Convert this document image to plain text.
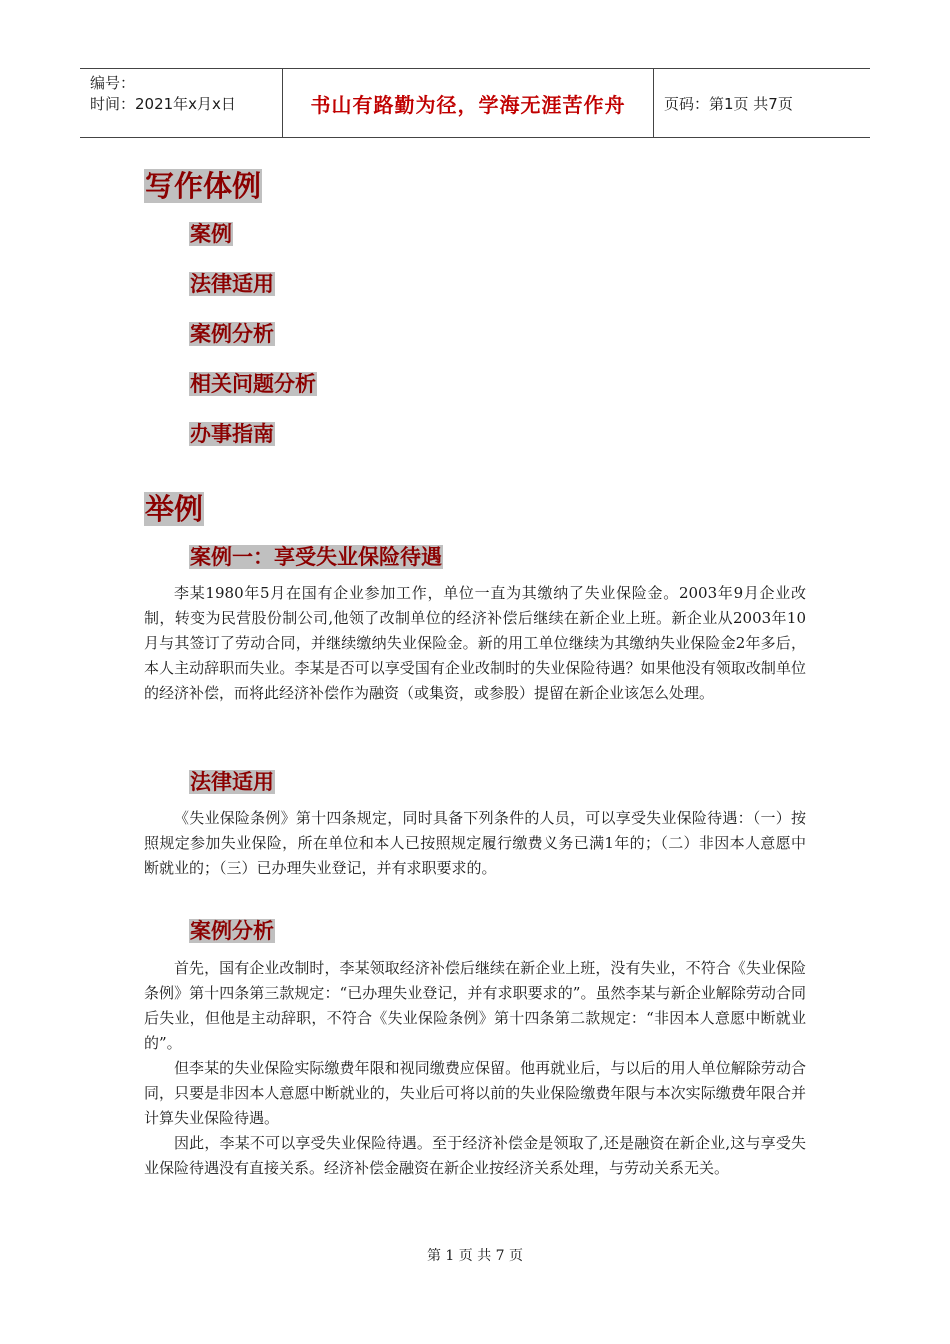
编号：
时间：2021年x月x日	书山有路勤为径，学海无涯苦作舟	页码：第1页 共7页
写作体例
案例
法律适用
案例分析
相关问题分析
办事指南
举例
案例一：享受失业保险待遇

李某1980年5月在国有企业参加工作，单位一直为其缴纳了失业保险金。2003年9月企业改制，转变为民营股份制公司,他领了改制单位的经济补偿后继续在新企业上班。新企业从2003年10月与其签订了劳动合同，并继续缴纳失业保险金。新的用工单位继续为其缴纳失业保险金2年多后，本人主动辞职而失业。李某是否可以享受国有企业改制时的失业保险待遇？如果他没有领取改制单位的经济补偿，而将此经济补偿作为融资（或集资，或参股）提留在新企业该怎么处理。

法律适用

《失业保险条例》第十四条规定，同时具备下列条件的人员，可以享受失业保险待遇：（一）按照规定参加失业保险，所在单位和本人已按照规定履行缴费义务已满1年的；（二）非因本人意愿中断就业的；（三）已办理失业登记，并有求职要求的。

案例分析

首先，国有企业改制时，李某领取经济补偿后继续在新企业上班，没有失业，不符合《失业保险条例》第十四条第三款规定：“已办理失业登记，并有求职要求的”。虽然李某与新企业解除劳动合同后失业，但他是主动辞职，不符合《失业保险条例》第十四条第二款规定：“非因本人意愿中断就业的”。

但李某的失业保险实际缴费年限和视同缴费应保留。他再就业后，与以后的用人单位解除劳动合同，只要是非因本人意愿中断就业的，失业后可将以前的失业保险缴费年限与本次实际缴费年限合并计算失业保险待遇。

因此，李某不可以享受失业保险待遇。至于经济补偿金是领取了,还是融资在新企业,这与享受失业保险待遇没有直接关系。经济补偿金融资在新企业按经济关系处理，与劳动关系无关。

第 1 页 共 7 页
